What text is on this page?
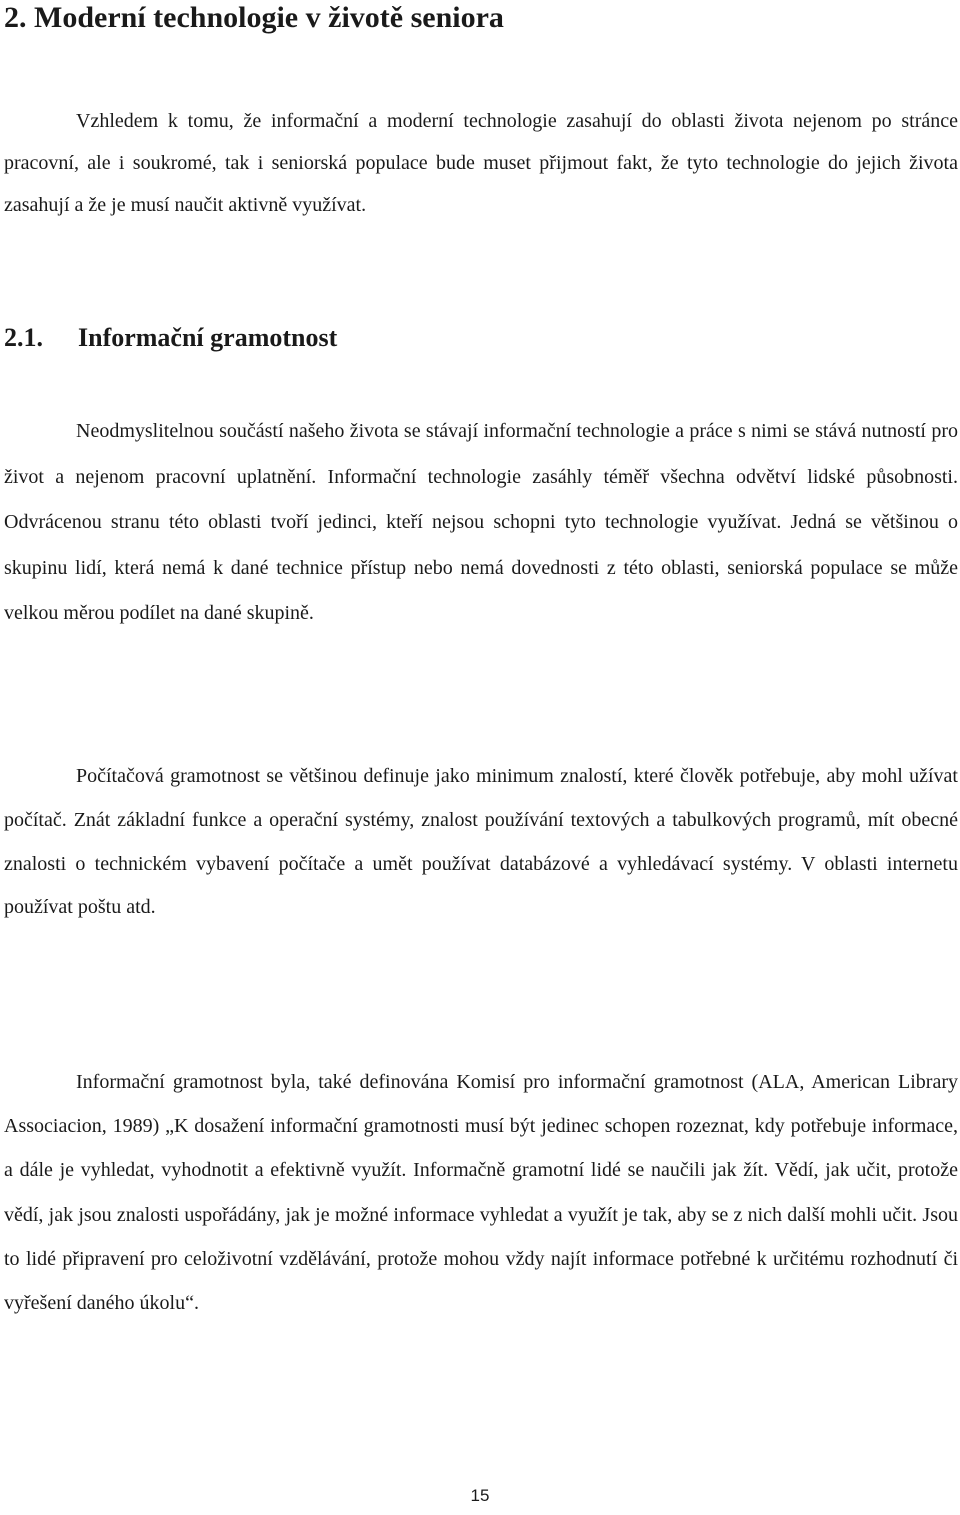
2. Moderní technologie v životě seniora

Vzhledem k tomu, že informační a moderní technologie zasahují do oblasti života nejenom po stránce pracovní, ale i soukromé, tak i seniorská populace bude muset přijmout fakt, že tyto technologie do jejich života zasahují a že je musí naučit aktivně využívat.

2.1. Informační gramotnost

Neodmyslitelnou součástí našeho života se stávají informační technologie a práce s nimi se stává nutností pro život a nejenom pracovní uplatnění. Informační technologie zasáhly téměř všechna odvětví lidské působnosti. Odvrácenou stranu této oblasti tvoří jedinci, kteří nejsou schopni tyto technologie využívat. Jedná se většinou o skupinu lidí, která nemá k dané technice přístup nebo nemá dovednosti z této oblasti, seniorská populace se může velkou měrou podílet na dané skupině.

Počítačová gramotnost se většinou definuje jako minimum znalostí, které člověk potřebuje, aby mohl užívat počítač. Znát základní funkce a operační systémy, znalost používání textových a tabulkových programů, mít obecné znalosti o technickém vybavení počítače a umět používat databázové a vyhledávací systémy. V oblasti internetu používat poštu atd.

Informační gramotnost byla, také definována Komisí pro informační gramotnost (ALA, American Library Associacion, 1989) „K dosažení informační gramotnosti musí být jedinec schopen rozeznat, kdy potřebuje informace, a dále je vyhledat, vyhodnotit a efektivně využít. Informačně gramotní lidé se naučili jak žít. Vědí, jak učit, protože vědí, jak jsou znalosti uspořádány, jak je možné informace vyhledat a využít je tak, aby se z nich další mohli učit. Jsou to lidé připravení pro celoživotní vzdělávání, protože mohou vždy najít informace potřebné k určitému rozhodnutí či vyřešení daného úkolu“.

15
